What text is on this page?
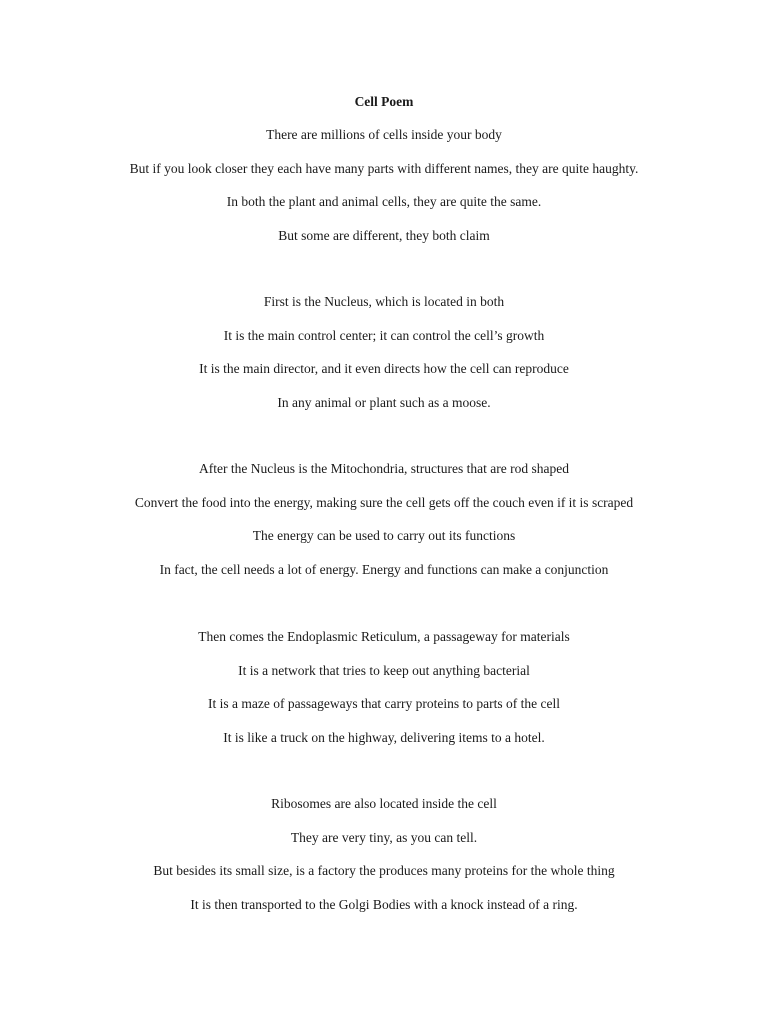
Cell Poem
There are millions of cells inside your body
But if you look closer they each have many parts with different names, they are quite haughty.
In both the plant and animal cells, they are quite the same.
But some are different, they both claim
First is the Nucleus, which is located in both
It is the main control center; it can control the cell’s growth
It is the main director, and it even directs how the cell can reproduce
In any animal or plant such as a moose.
After the Nucleus is the Mitochondria, structures that are rod shaped
Convert the food into the energy, making sure the cell gets off the couch even if it is scraped
The energy can be used to carry out its functions
In fact, the cell needs a lot of energy. Energy and functions can make a conjunction
Then comes the Endoplasmic Reticulum, a passageway for materials
It is a network that tries to keep out anything bacterial
It is a maze of passageways that carry proteins to parts of the cell
It is like a truck on the highway, delivering items to a hotel.
Ribosomes are also located inside the cell
They are very tiny, as you can tell.
But besides its small size, is a factory the produces many proteins for the whole thing
It is then transported to the Golgi Bodies with a knock instead of a ring.
